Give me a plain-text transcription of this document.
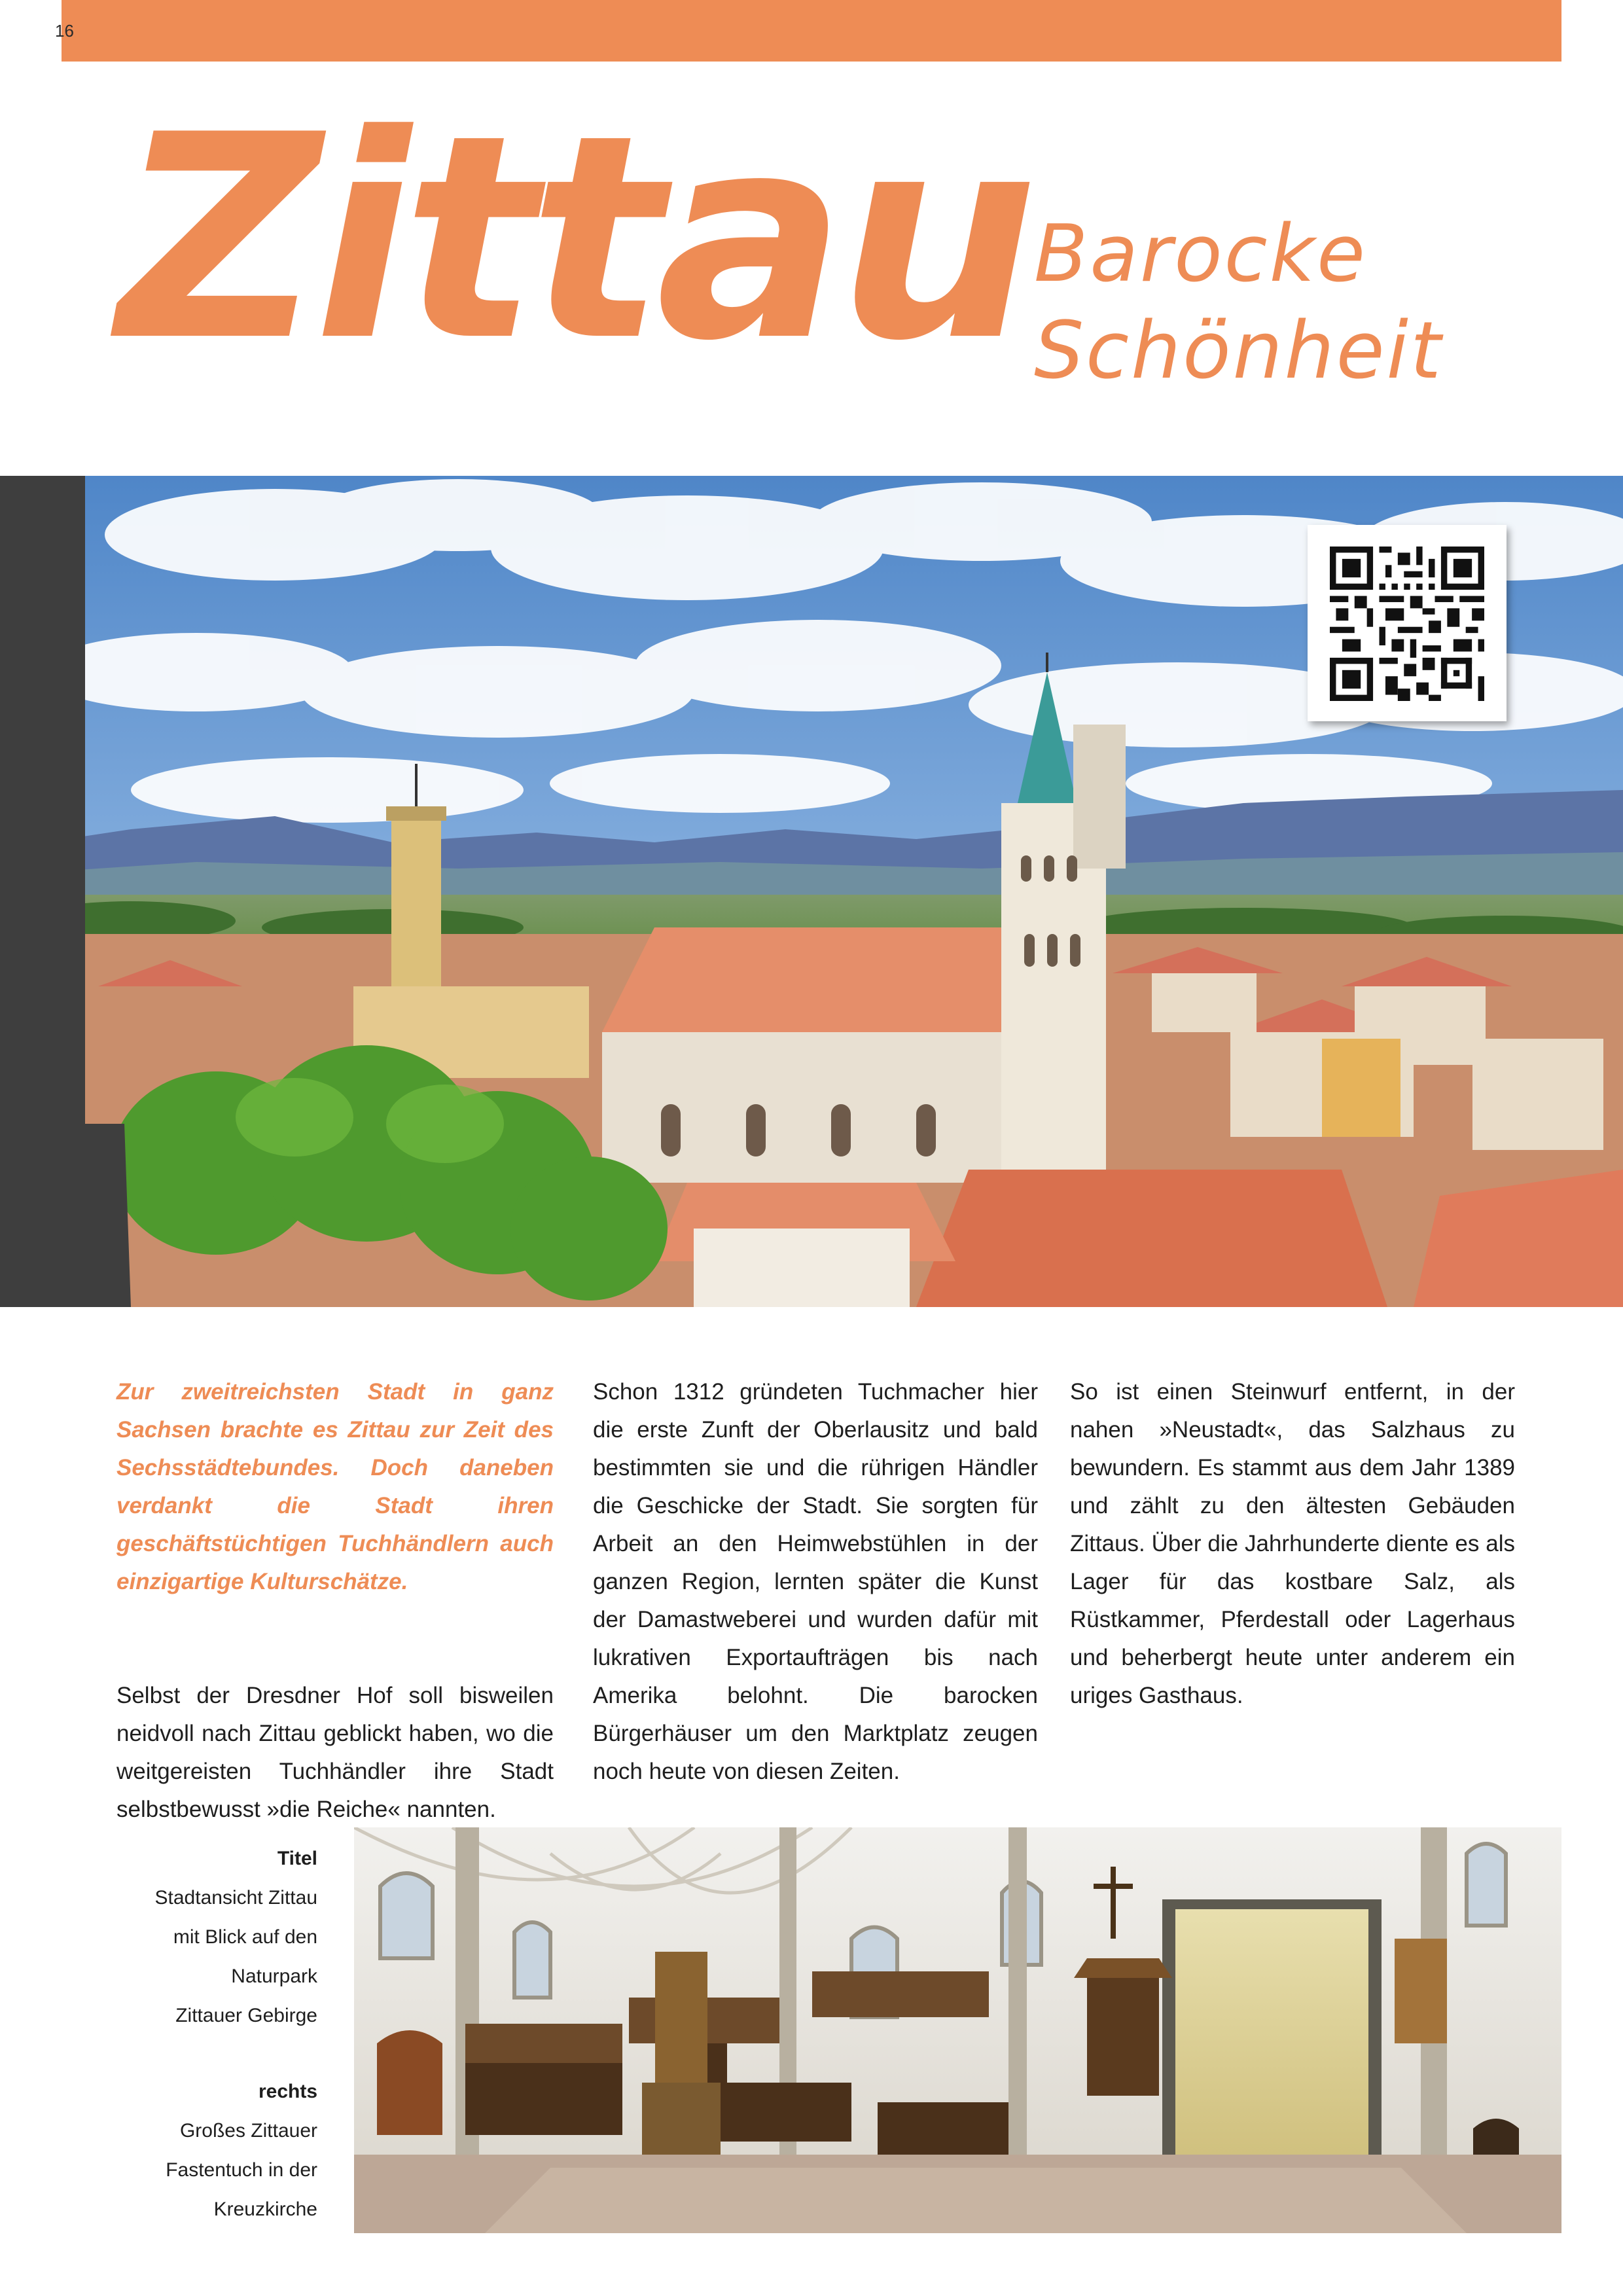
16
Zittau Barocke
Schönheit

Zur zweitreichsten Stadt in ganz Sachsen brachte es Zittau zur Zeit des Sechsstädtebundes. Doch daneben verdankt die Stadt ihren geschäftstüchtigen Tuchhändlern auch einzigartige Kulturschätze.

Selbst der Dresdner Hof soll bisweilen neidvoll nach Zittau geblickt haben, wo die weitgereisten Tuchhändler ihre Stadt selbstbewusst »die Reiche« nannten.

Schon 1312 gründeten Tuchmacher hier die erste Zunft der Oberlausitz und bald bestimmten sie und die rührigen Händler die Geschicke der Stadt. Sie sorgten für Arbeit an den Heimwebstühlen in der ganzen Region, lernten später die Kunst der Damastweberei und wurden dafür mit lukrativen Exportaufträgen bis nach Amerika belohnt. Die barocken Bürgerhäuser um den Marktplatz zeugen noch heute von diesen Zeiten.

So ist einen Steinwurf entfernt, in der nahen »Neustadt«, das Salzhaus zu bewundern. Es stammt aus dem Jahr 1389 und zählt zu den ältesten Gebäuden Zittaus. Über die Jahrhunderte diente es als Lager für das kostbare Salz, als Rüstkammer, Pferdestall oder Lagerhaus und beherbergt heute unter anderem ein uriges Gasthaus.

Titel

Stadtansicht Zittau

mit Blick auf den

Naturpark

Zittauer Gebirge

rechts

Großes Zittauer

Fastentuch in der

Kreuzkirche
